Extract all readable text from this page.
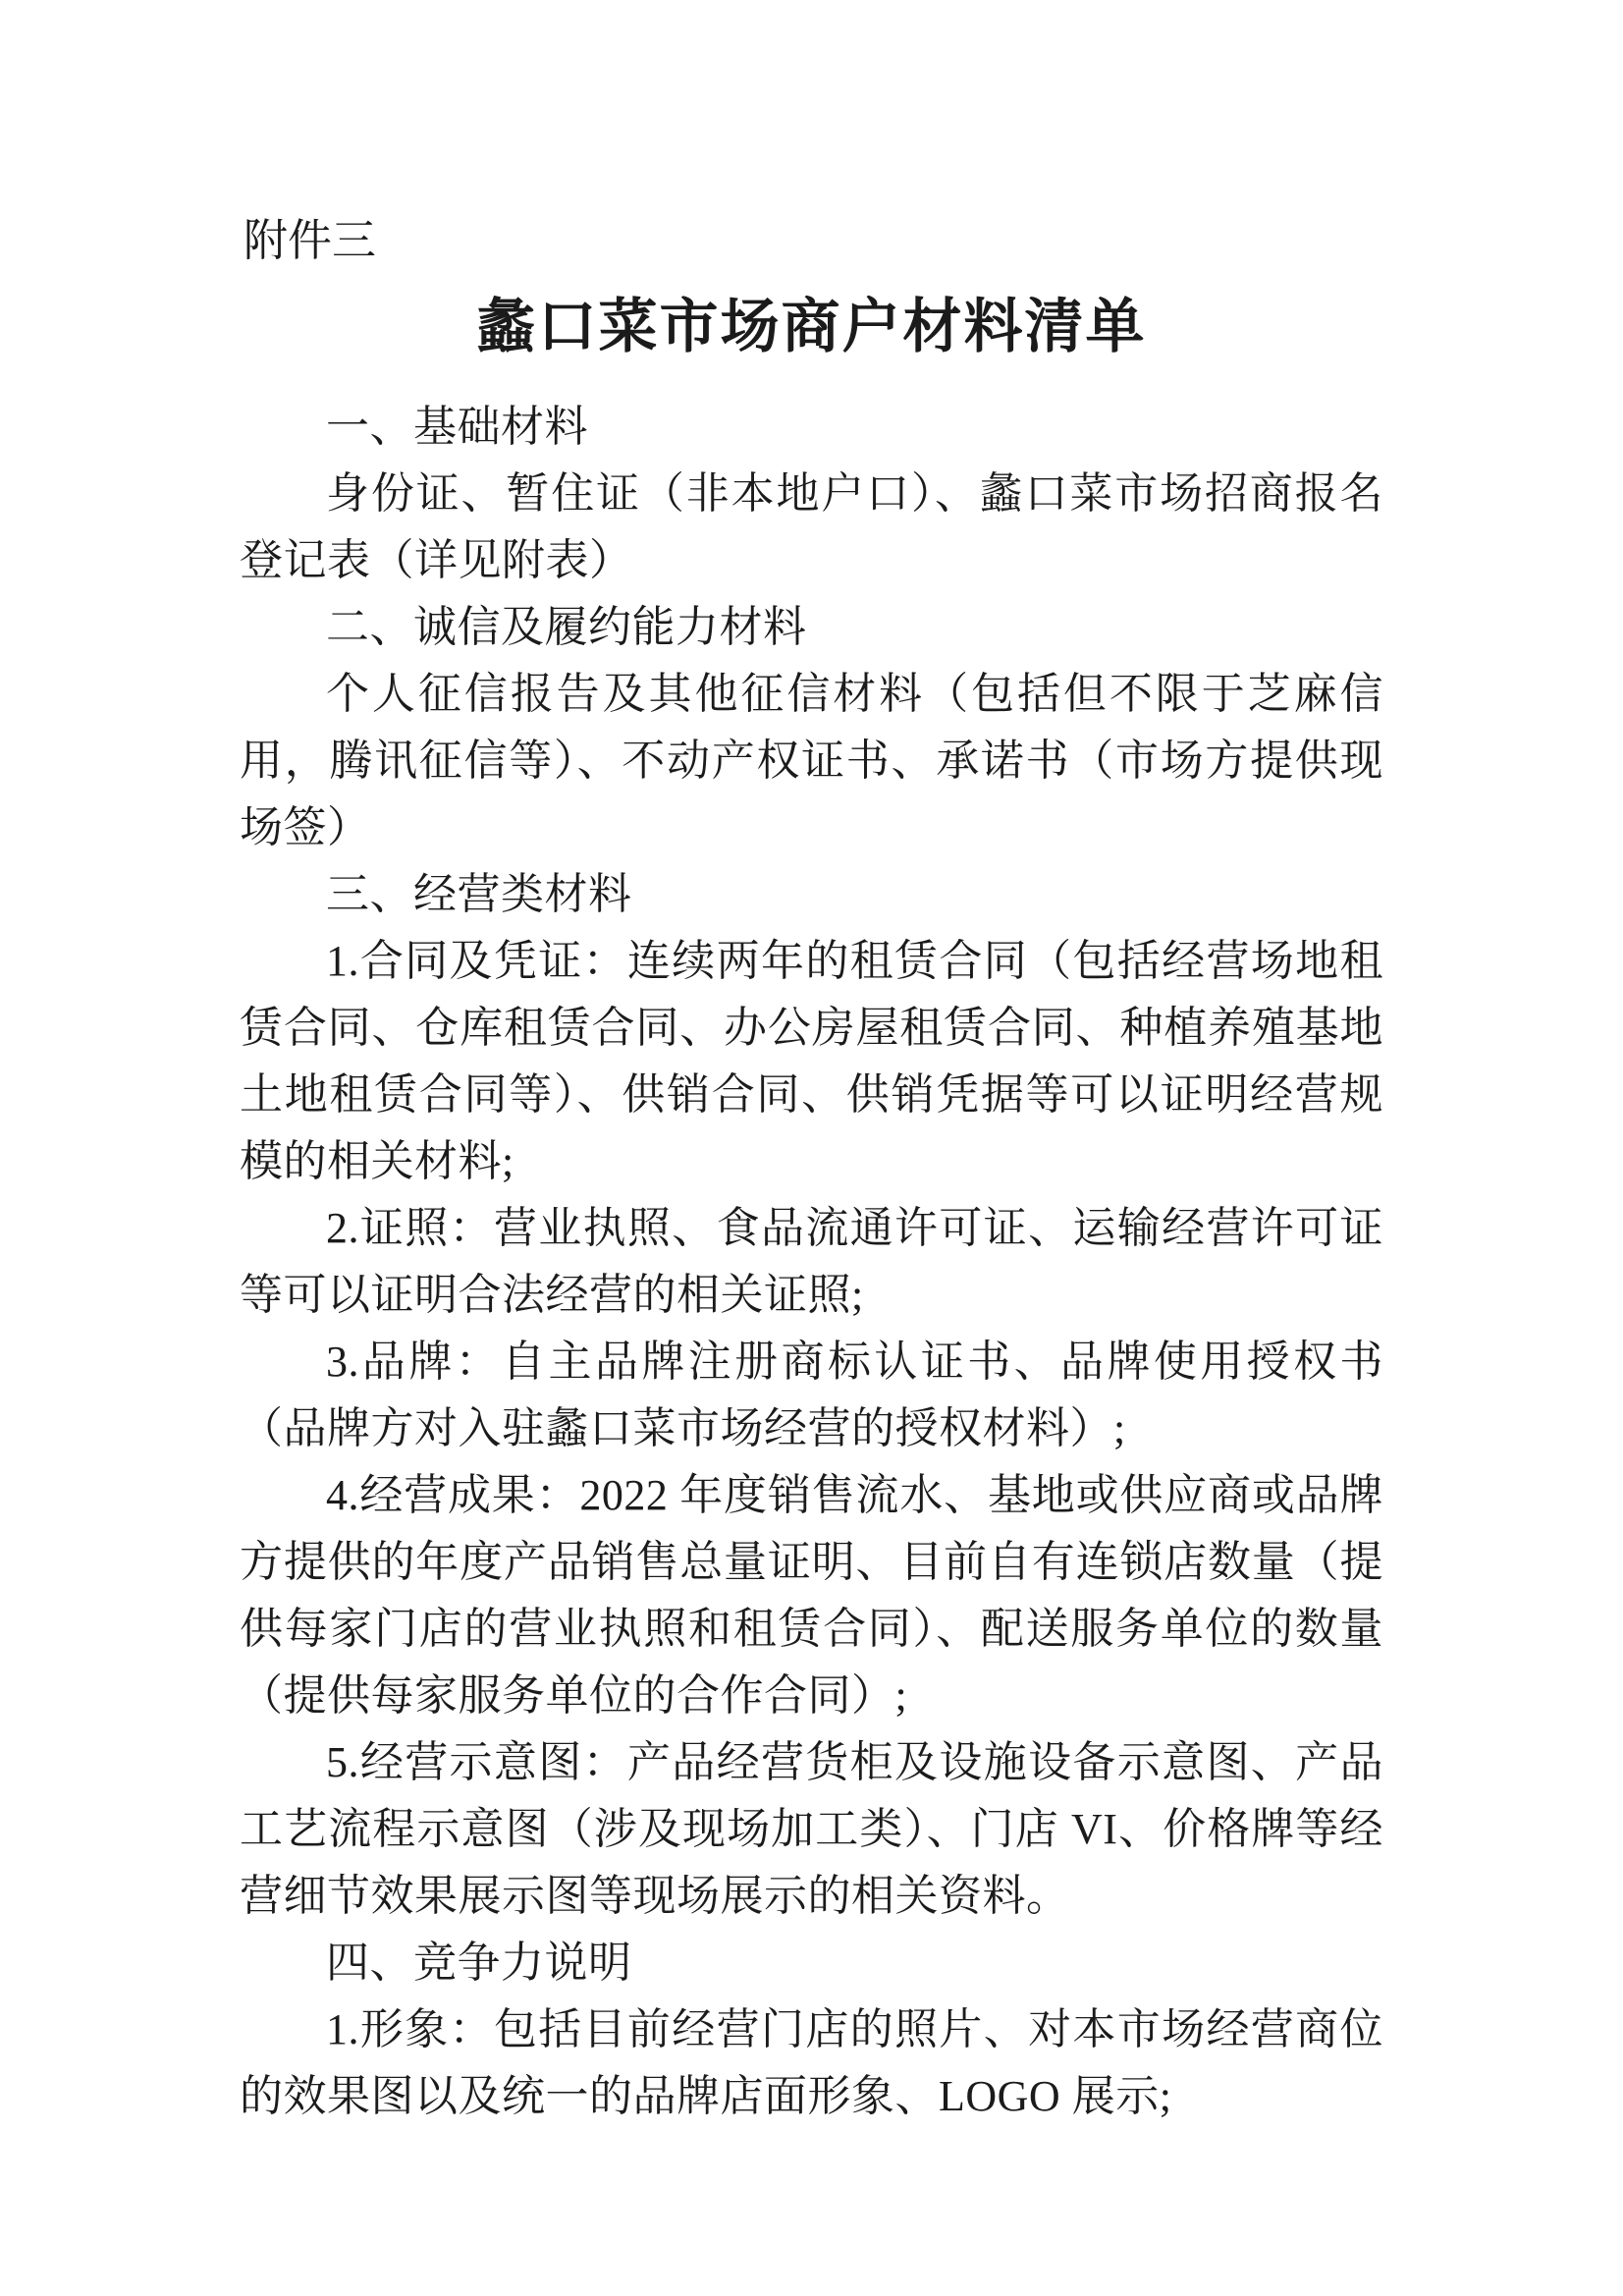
附件三

蠡口菜市场商户材料清单

一、基础材料

身份证、暂住证（非本地户口）、蠡口菜市场招商报名登记表（详见附表）

二、诚信及履约能力材料

个人征信报告及其他征信材料（包括但不限于芝麻信用，腾讯征信等）、不动产权证书、承诺书（市场方提供现场签）

三、经营类材料

1.合同及凭证：连续两年的租赁合同（包括经营场地租赁合同、仓库租赁合同、办公房屋租赁合同、种植养殖基地土地租赁合同等）、供销合同、供销凭据等可以证明经营规模的相关材料;

2.证照：营业执照、食品流通许可证、运输经营许可证等可以证明合法经营的相关证照;

3.品牌：自主品牌注册商标认证书、品牌使用授权书（品牌方对入驻蠡口菜市场经营的授权材料）;

4.经营成果：2022 年度销售流水、基地或供应商或品牌方提供的年度产品销售总量证明、目前自有连锁店数量（提供每家门店的营业执照和租赁合同）、配送服务单位的数量（提供每家服务单位的合作合同）;

5.经营示意图：产品经营货柜及设施设备示意图、产品工艺流程示意图（涉及现场加工类）、门店 VI、价格牌等经营细节效果展示图等现场展示的相关资料。

四、竞争力说明

1.形象：包括目前经营门店的照片、对本市场经营商位的效果图以及统一的品牌店面形象、LOGO 展示;
